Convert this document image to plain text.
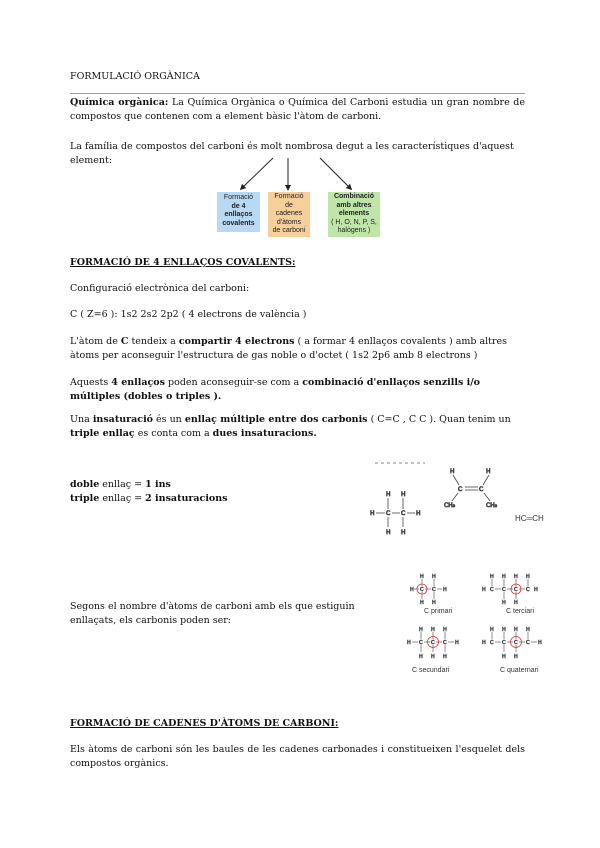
FORMULACIÓ ORGÀNICA
Química orgànica: La Química Orgànica o Química del Carboni estudia un gran nombre de compostos que contenen com a element bàsic l'àtom de carboni.
La família de compostos del carboni és molt nombrosa degut a les característiques d'aquest element:
Formació
de 4
enllaços
covalents
Formació
de
cadenes
d'àtoms
de carboni
Combinació
amb altres
elements
( H, O, N, P, S,
halògens )
FORMACIÓ DE 4 ENLLAÇOS COVALENTS:
Configuració electrònica del carboni:
C ( Z=6 ): 1s2 2s2 2p2 ( 4 electrons de valència )
L'àtom de C tendeix a compartir 4 electrons ( a formar 4 enllaços covalents ) amb altres àtoms per aconseguir l'estructura de gas noble o d'octet ( 1s2 2p6 amb 8 electrons )
Aquests 4 enllaços poden aconseguir-se com a combinació d'enllaços senzills i/o múltiples (dobles o triples ).
Una insaturació és un enllaç múltiple entre dos carbonis ( C=C , C C ). Quan tenim un triple enllaç es conta com a dues insaturacions.
doble enllaç = 1 ins
triple enllaç = 2 insaturacions
H C C H
H H
H H
H	H
C	C
CH₃	CH₃
HC═CH
Segons el nombre d'àtoms de carboni amb els que estiguin enllaçats, els carbonis poden ser:
H H
H C C H
H H
C primari
H H H H
H C C C C H
H H
C terciari
H H H
H C C C H
H H H
C secundari
H H H H
H C C C C H
H H
C quaternari
FORMACIÓ DE CADENES D'ÀTOMS DE CARBONI:
Els àtoms de carboni són les baules de les cadenes carbonades i constitueixen l'esquelet dels compostos orgànics.
